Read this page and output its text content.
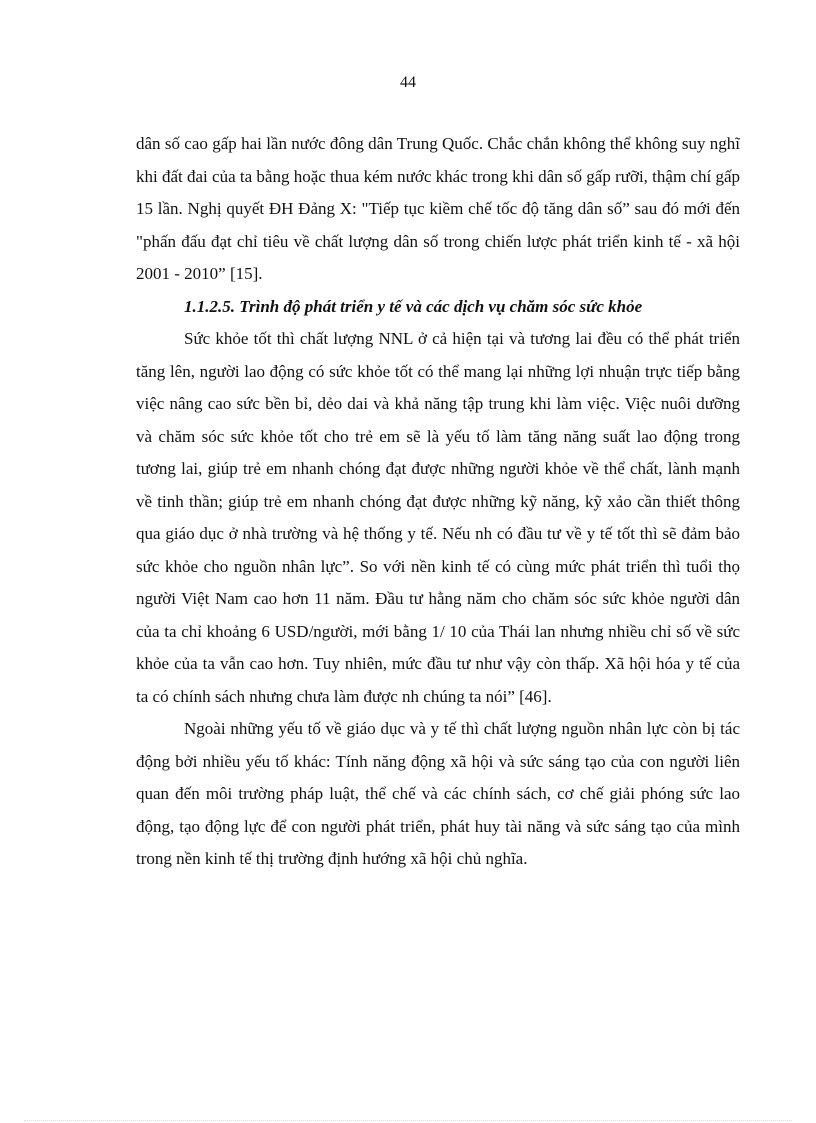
44

dân số cao gấp hai lần nước đông dân Trung Quốc. Chắc chắn không thể không suy nghĩ khi đất đai của ta bằng hoặc thua kém nước khác trong khi dân số gấp rưỡi, thậm chí gấp 15 lần. Nghị quyết ĐH Đảng X: "Tiếp tục kiềm chế tốc độ tăng dân số” sau đó mới đến "phấn đấu đạt chỉ tiêu về chất lượng dân số trong chiến lược phát triển kinh tế - xã hội 2001 - 2010” [15].

1.1.2.5. Trình độ phát triển y tế và các dịch vụ chăm sóc sức khỏe

Sức khỏe tốt thì chất lượng NNL ở cả hiện tại và tương lai đều có thể phát triển tăng lên, người lao động có sức khỏe tốt có thể mang lại những lợi nhuận trực tiếp bằng việc nâng cao sức bền bỉ, dẻo dai và khả năng tập trung khi làm việc. Việc nuôi dưỡng và chăm sóc sức khỏe tốt cho trẻ em sẽ là yếu tố làm tăng năng suất lao động trong tương lai, giúp trẻ em nhanh chóng đạt được những người khỏe về thể chất, lành mạnh về tinh thần; giúp trẻ em nhanh chóng đạt được những kỹ năng, kỹ xảo cần thiết thông qua giáo dục ở nhà trường và hệ thống y tế. Nếu nh có đầu tư về y tế tốt thì sẽ đảm bảo sức khỏe cho nguồn nhân lực”. So với nền kinh tế có cùng mức phát triển thì tuổi thọ người Việt Nam cao hơn 11 năm. Đầu tư hằng năm cho chăm sóc sức khỏe người dân của ta chỉ khoảng 6 USD/người, mới bằng 1/ 10 của Thái lan nhưng nhiều chỉ số về sức khỏe của ta vẫn cao hơn. Tuy nhiên, mức đầu tư như vậy còn thấp. Xã hội hóa y tế của ta có chính sách nhưng chưa làm được nh chúng ta nói” [46].

Ngoài những yếu tố về giáo dục và y tế thì chất lượng nguồn nhân lực còn bị tác động bởi nhiều yếu tố khác: Tính năng động xã hội và sức sáng tạo của con người liên quan đến môi trường pháp luật, thể chế và các chính sách, cơ chế giải phóng sức lao động, tạo động lực để con người phát triển, phát huy tài năng và sức sáng tạo của mình trong nền kinh tế thị trường định hướng xã hội chủ nghĩa.
